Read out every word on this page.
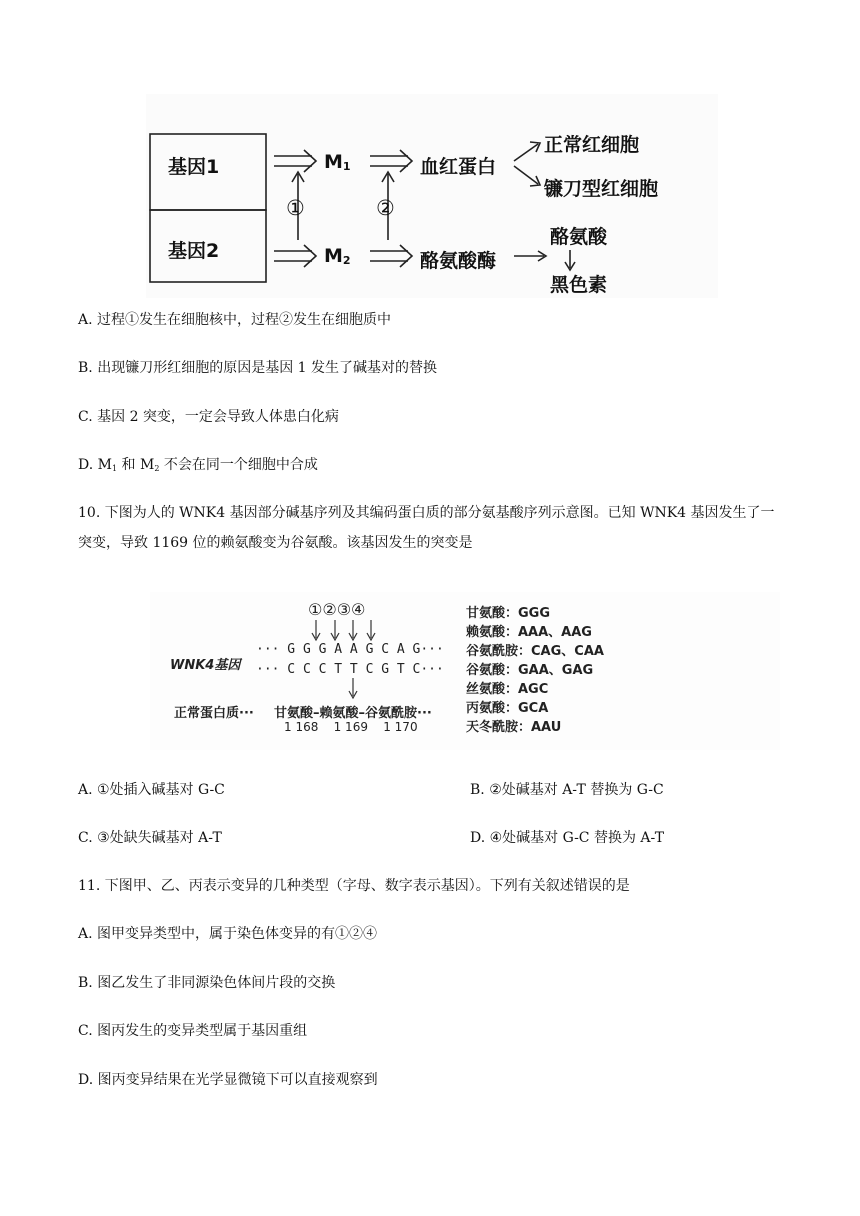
基因1
基因2
$M_1$
$M_2$
①	②
血红蛋白
正常红细胞
镰刀型红细胞
酪氨酸酶
酪氨酸
黑色素
A. 过程①发生在细胞核中，过程②发生在细胞质中
B. 出现镰刀形红细胞的原因是基因 1 发生了碱基对的替换
C. 基因 2 突变，一定会导致人体患白化病
D. $M_1$ 和 $M_2$ 不会在同一个细胞中合成
10. 下图为人的 WNK4 基因部分碱基序列及其编码蛋白质的部分氨基酸序列示意图。已知 WNK4 基因发生了一突变，导致 1169 位的赖氨酸变为谷氨酸。该基因发生的突变是
①②③④
··· G G G A A G C A G···
WNK4基因 ··· C C C T T C G T C···
正常蛋白质··· 甘氨酸–赖氨酸–谷氨酰胺···
1 168    1 169    1 170
甘氨酸：GGG
赖氨酸：AAA、AAG
谷氨酰胺：CAG、CAA
谷氨酸：GAA、GAG
丝氨酸：AGC
丙氨酸：GCA
天冬酰胺：AAU
A. ①处插入碱基对 G-C	B. ②处碱基对 A-T 替换为 G-C
C. ③处缺失碱基对 A-T	D. ④处碱基对 G-C 替换为 A-T
11. 下图甲、乙、丙表示变异的几种类型（字母、数字表示基因）。下列有关叙述错误的是
A. 图甲变异类型中，属于染色体变异的有①②④
B. 图乙发生了非同源染色体间片段的交换
C. 图丙发生的变异类型属于基因重组
D. 图丙变异结果在光学显微镜下可以直接观察到
